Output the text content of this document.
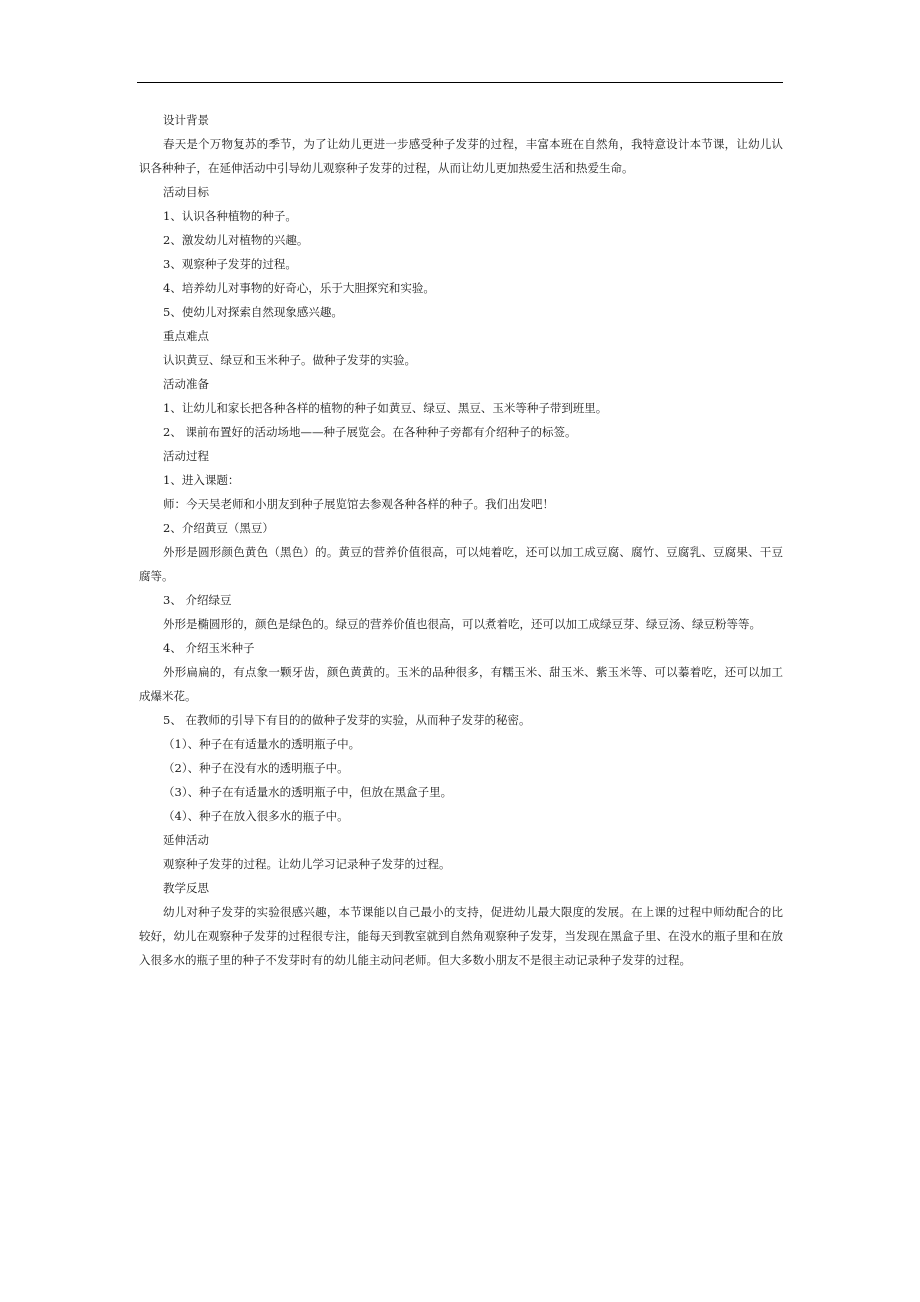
设计背景
春天是个万物复苏的季节，为了让幼儿更进一步感受种子发芽的过程，丰富本班在自然角，我特意设计本节课，让幼儿认识各种种子，在延伸活动中引导幼儿观察种子发芽的过程，从而让幼儿更加热爱生活和热爱生命。
活动目标
1、认识各种植物的种子。
2、激发幼儿对植物的兴趣。
3、观察种子发芽的过程。
4、培养幼儿对事物的好奇心，乐于大胆探究和实验。
5、使幼儿对探索自然现象感兴趣。
重点难点
认识黄豆、绿豆和玉米种子。做种子发芽的实验。
活动准备
1、让幼儿和家长把各种各样的植物的种子如黄豆、绿豆、黑豆、玉米等种子带到班里。
2、 课前布置好的活动场地——种子展览会。在各种种子旁都有介绍种子的标签。
活动过程
1、进入课题：
师：今天吴老师和小朋友到种子展览馆去参观各种各样的种子。我们出发吧！
2、介绍黄豆（黑豆）
外形是圆形颜色黄色（黑色）的。黄豆的营养价值很高，可以炖着吃，还可以加工成豆腐、腐竹、豆腐乳、豆腐果、干豆腐等。
3、 介绍绿豆
外形是椭圆形的，颜色是绿色的。绿豆的营养价值也很高，可以煮着吃，还可以加工成绿豆芽、绿豆汤、绿豆粉等等。
4、 介绍玉米种子
外形扁扁的，有点象一颗牙齿，颜色黄黄的。玉米的品种很多，有糯玉米、甜玉米、紫玉米等、可以蓁着吃，还可以加工成爆米花。
5、 在教师的引导下有目的的做种子发芽的实验，从而种子发芽的秘密。
（1）、种子在有适量水的透明瓶子中。
（2）、种子在没有水的透明瓶子中。
（3）、种子在有适量水的透明瓶子中，但放在黑盒子里。
（4）、种子在放入很多水的瓶子中。
延伸活动
观察种子发芽的过程。让幼儿学习记录种子发芽的过程。
教学反思
幼儿对种子发芽的实验很感兴趣，本节课能以自己最小的支持，促进幼儿最大限度的发展。在上课的过程中师幼配合的比较好，幼儿在观察种子发芽的过程很专注，能每天到教室就到自然角观察种子发芽，当发现在黑盒子里、在没水的瓶子里和在放入很多水的瓶子里的种子不发芽时有的幼儿能主动问老师。但大多数小朋友不是很主动记录种子发芽的过程。
